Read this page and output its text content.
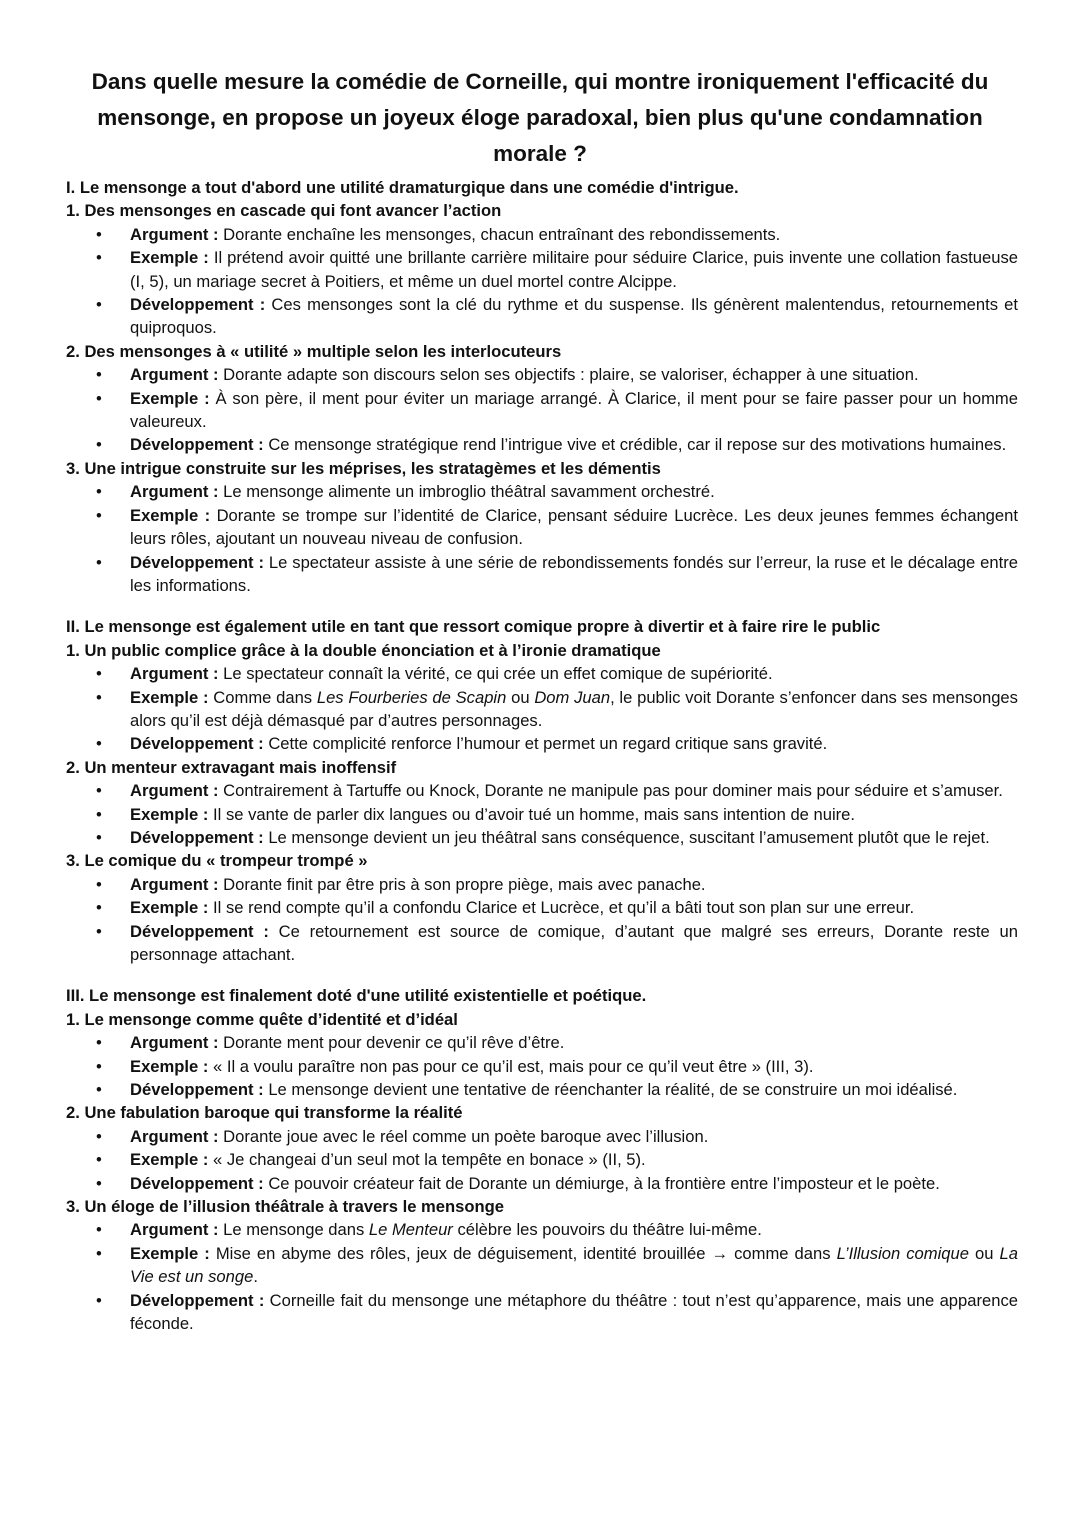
Dans quelle mesure la comédie de Corneille, qui montre ironiquement l'efficacité du mensonge, en propose un joyeux éloge paradoxal, bien plus qu'une condamnation morale ?

I. Le mensonge a tout d'abord une utilité dramaturgique dans une comédie d'intrigue.

1. Des mensonges en cascade qui font avancer l’action

• Argument : Dorante enchaîne les mensonges, chacun entraînant des rebondissements.
• Exemple : Il prétend avoir quitté une brillante carrière militaire pour séduire Clarice, puis invente une collation fastueuse (I, 5), un mariage secret à Poitiers, et même un duel mortel contre Alcippe.
• Développement : Ces mensonges sont la clé du rythme et du suspense. Ils génèrent malentendus, retournements et quiproquos.

2. Des mensonges à « utilité » multiple selon les interlocuteurs

• Argument : Dorante adapte son discours selon ses objectifs : plaire, se valoriser, échapper à une situation.
• Exemple : À son père, il ment pour éviter un mariage arrangé. À Clarice, il ment pour se faire passer pour un homme valeureux.
• Développement : Ce mensonge stratégique rend l’intrigue vive et crédible, car il repose sur des motivations humaines.

3. Une intrigue construite sur les méprises, les stratagèmes et les démentis

• Argument : Le mensonge alimente un imbroglio théâtral savamment orchestré.
• Exemple : Dorante se trompe sur l’identité de Clarice, pensant séduire Lucrèce. Les deux jeunes femmes échangent leurs rôles, ajoutant un nouveau niveau de confusion.
• Développement : Le spectateur assiste à une série de rebondissements fondés sur l’erreur, la ruse et le décalage entre les informations.

II. Le mensonge est également utile en tant que ressort comique propre à divertir et à faire rire le public

1. Un public complice grâce à la double énonciation et à l’ironie dramatique

• Argument : Le spectateur connaît la vérité, ce qui crée un effet comique de supériorité.
• Exemple : Comme dans Les Fourberies de Scapin ou Dom Juan, le public voit Dorante s’enfoncer dans ses mensonges alors qu’il est déjà démasqué par d’autres personnages.
• Développement : Cette complicité renforce l’humour et permet un regard critique sans gravité.

2. Un menteur extravagant mais inoffensif

• Argument : Contrairement à Tartuffe ou Knock, Dorante ne manipule pas pour dominer mais pour séduire et s’amuser.
• Exemple : Il se vante de parler dix langues ou d’avoir tué un homme, mais sans intention de nuire.
• Développement : Le mensonge devient un jeu théâtral sans conséquence, suscitant l’amusement plutôt que le rejet.

3. Le comique du « trompeur trompé »

• Argument : Dorante finit par être pris à son propre piège, mais avec panache.
• Exemple : Il se rend compte qu’il a confondu Clarice et Lucrèce, et qu’il a bâti tout son plan sur une erreur.
• Développement : Ce retournement est source de comique, d’autant que malgré ses erreurs, Dorante reste un personnage attachant.

III. Le mensonge est finalement doté d'une utilité existentielle et poétique.

1. Le mensonge comme quête d’identité et d’idéal

• Argument : Dorante ment pour devenir ce qu’il rêve d’être.
• Exemple : « Il a voulu paraître non pas pour ce qu’il est, mais pour ce qu’il veut être » (III, 3).
• Développement : Le mensonge devient une tentative de réenchanter la réalité, de se construire un moi idéalisé.

2. Une fabulation baroque qui transforme la réalité

• Argument : Dorante joue avec le réel comme un poète baroque avec l’illusion.
• Exemple : « Je changeai d’un seul mot la tempête en bonace » (II, 5).
• Développement : Ce pouvoir créateur fait de Dorante un démiurge, à la frontière entre l’imposteur et le poète.

3. Un éloge de l’illusion théâtrale à travers le mensonge

• Argument : Le mensonge dans Le Menteur célèbre les pouvoirs du théâtre lui-même.
• Exemple : Mise en abyme des rôles, jeux de déguisement, identité brouillée → comme dans L’Illusion comique ou La Vie est un songe.
• Développement : Corneille fait du mensonge une métaphore du théâtre : tout n’est qu’apparence, mais une apparence féconde.
